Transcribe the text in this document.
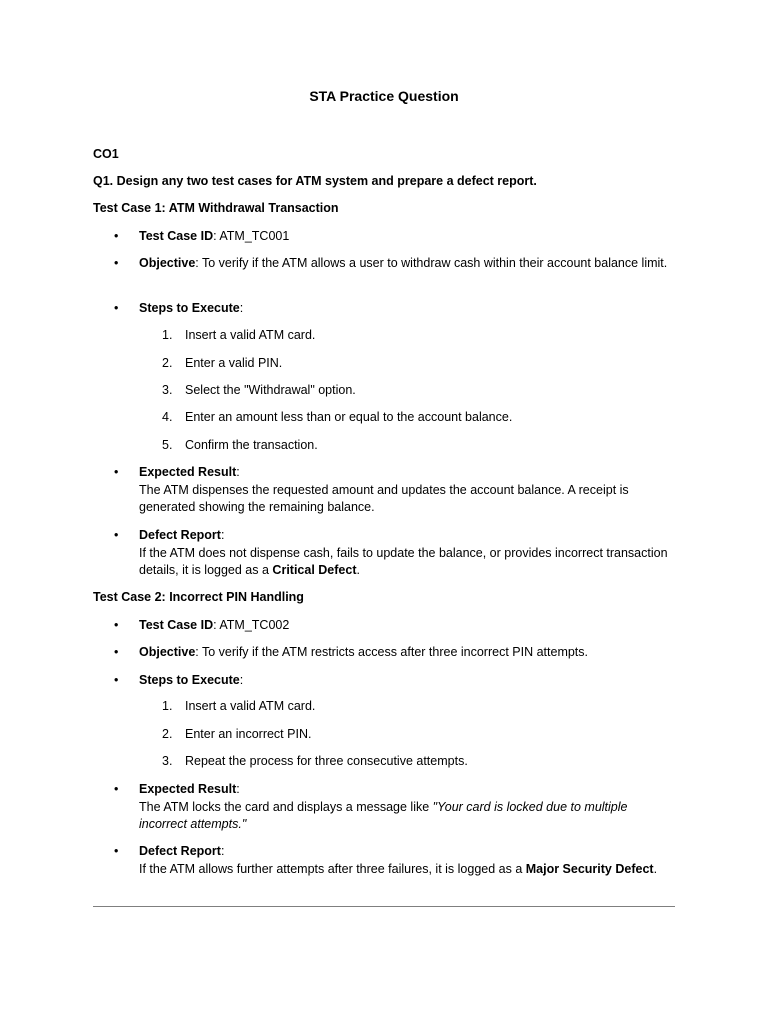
STA Practice Question
CO1
Q1. Design any two test cases for ATM system and prepare a defect report.
Test Case 1: ATM Withdrawal Transaction
• Test Case ID: ATM_TC001
• Objective: To verify if the ATM allows a user to withdraw cash within their account balance limit.
• Steps to Execute:
1.	Insert a valid ATM card.
2.	Enter a valid PIN.
3.	Select the "Withdrawal" option.
4.	Enter an amount less than or equal to the account balance.
5.	Confirm the transaction.
• Expected Result:
The ATM dispenses the requested amount and updates the account balance. A receipt is generated showing the remaining balance.
• Defect Report:
If the ATM does not dispense cash, fails to update the balance, or provides incorrect transaction details, it is logged as a Critical Defect.
Test Case 2: Incorrect PIN Handling
• Test Case ID: ATM_TC002
• Objective: To verify if the ATM restricts access after three incorrect PIN attempts.
• Steps to Execute:
1.	Insert a valid ATM card.
2.	Enter an incorrect PIN.
3.	Repeat the process for three consecutive attempts.
• Expected Result:
The ATM locks the card and displays a message like "Your card is locked due to multiple incorrect attempts."
• Defect Report:
If the ATM allows further attempts after three failures, it is logged as a Major Security Defect.
